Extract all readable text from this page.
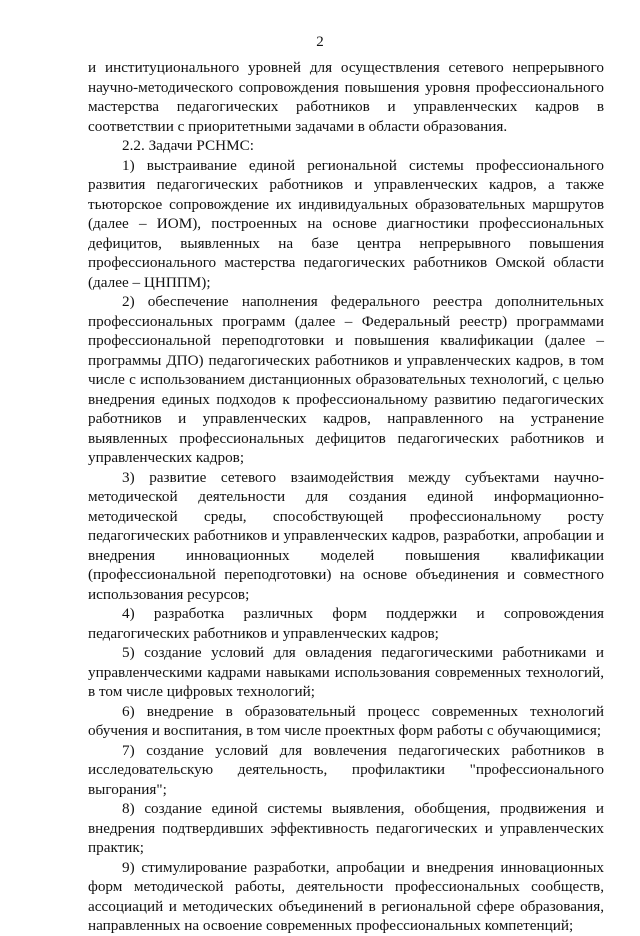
2

и институционального уровней для осуществления сетевого непрерывного научно-методического сопровождения повышения уровня профессионального мастерства педагогических работников и управленческих кадров в соответствии с приоритетными задачами в области образования.

2.2. Задачи РСНМС:

1) выстраивание единой региональной системы профессионального развития педагогических работников и управленческих кадров, а также тьюторское сопровождение их индивидуальных образовательных маршрутов (далее – ИОМ), построенных на основе диагностики профессиональных дефицитов, выявленных на базе центра непрерывного повышения профессионального мастерства педагогических работников Омской области (далее – ЦНППМ);

2) обеспечение наполнения федерального реестра дополнительных профессиональных программ (далее – Федеральный реестр) программами профессиональной переподготовки и повышения квалификации (далее – программы ДПО) педагогических работников и управленческих кадров, в том числе с использованием дистанционных образовательных технологий, с целью внедрения единых подходов к профессиональному развитию педагогических работников и управленческих кадров, направленного на устранение выявленных профессиональных дефицитов педагогических работников и управленческих кадров;

3) развитие сетевого взаимодействия между субъектами научно-методической деятельности для создания единой информационно-методической среды, способствующей профессиональному росту педагогических работников и управленческих кадров, разработки, апробации и внедрения инновационных моделей повышения квалификации (профессиональной переподготовки) на основе объединения и совместного использования ресурсов;

4) разработка различных форм поддержки и сопровождения педагогических работников и управленческих кадров;

5) создание условий для овладения педагогическими работниками и управленческими кадрами навыками использования современных технологий, в том числе цифровых технологий;

6) внедрение в образовательный процесс современных технологий обучения и воспитания, в том числе проектных форм работы с обучающимися;

7) создание условий для вовлечения педагогических работников в исследовательскую деятельность, профилактики "профессионального выгорания";

8) создание единой системы выявления, обобщения, продвижения и внедрения подтвердивших эффективность педагогических и управленческих практик;

9) стимулирование разработки, апробации и внедрения инновационных форм методической работы, деятельности профессиональных сообществ, ассоциаций и методических объединений в региональной сфере образования, направленных на освоение современных профессиональных компетенций;
